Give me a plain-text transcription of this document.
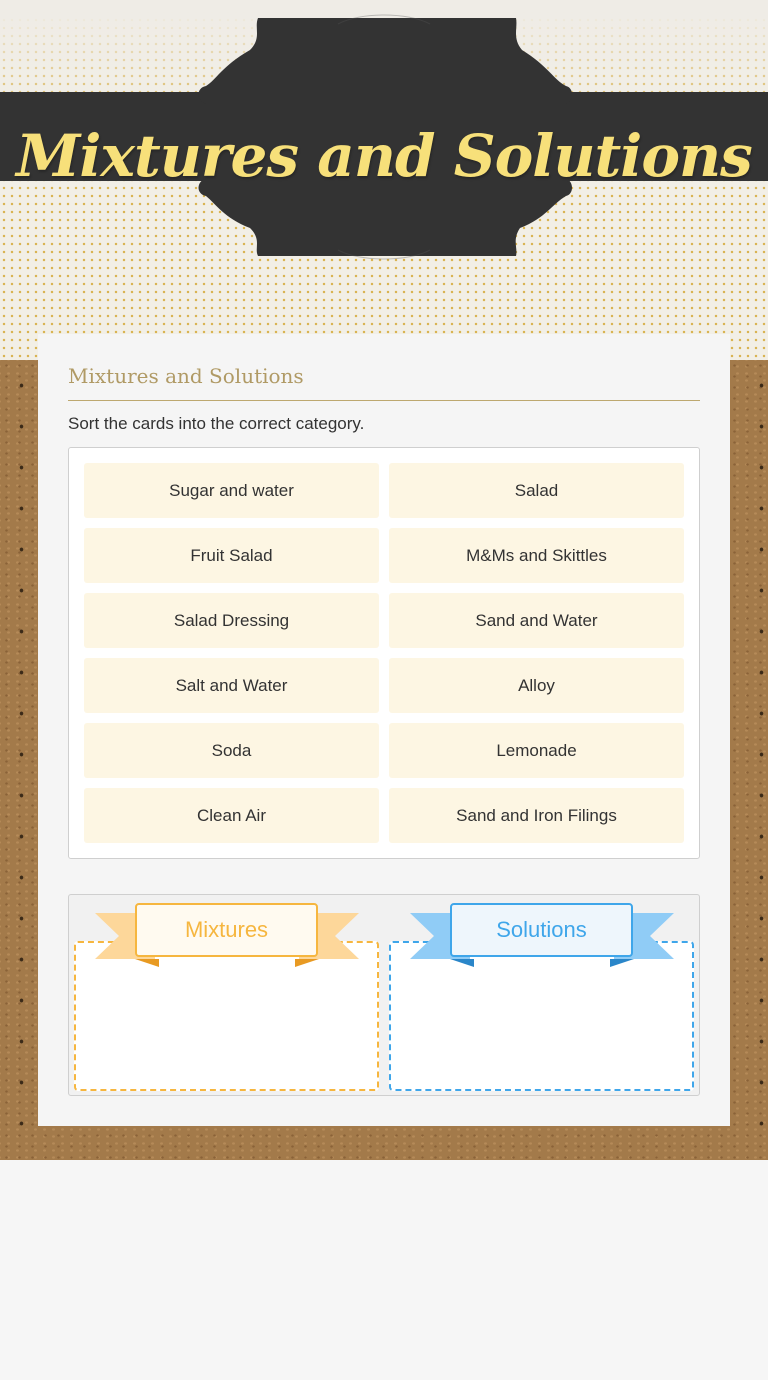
Mixtures and Solutions
Mixtures and Solutions
Sort the cards into the correct category.
Sugar and water	Salad
Fruit Salad	M&Ms and Skittles
Salad Dressing	Sand and Water
Salt and Water	Alloy
Soda	Lemonade
Clean Air	Sand and Iron Filings
Mixtures	Solutions
